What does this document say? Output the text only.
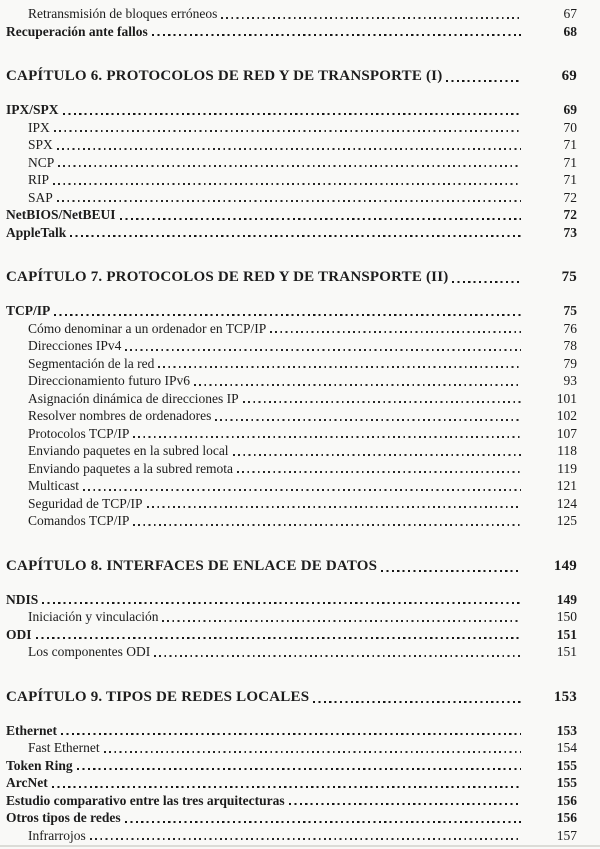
Retransmisión de bloques erróneos	67
Recuperación ante fallos	68
CAPÍTULO 6. PROTOCOLOS DE RED Y DE TRANSPORTE (I)	69
IPX/SPX	69
IPX	70
SPX	71
NCP	71
RIP	71
SAP	72
NetBIOS/NetBEUI	72
AppleTalk	73
CAPÍTULO 7. PROTOCOLOS DE RED Y DE TRANSPORTE (II)	75
TCP/IP	75
Cómo denominar a un ordenador en TCP/IP	76
Direcciones IPv4	78
Segmentación de la red	79
Direccionamiento futuro IPv6	93
Asignación dinámica de direcciones IP	101
Resolver nombres de ordenadores	102
Protocolos TCP/IP	107
Enviando paquetes en la subred local	118
Enviando paquetes a la subred remota	119
Multicast	121
Seguridad de TCP/IP	124
Comandos TCP/IP	125
CAPÍTULO 8. INTERFACES DE ENLACE DE DATOS	149
NDIS	149
Iniciación y vinculación	150
ODI	151
Los componentes ODI	151
CAPÍTULO 9. TIPOS DE REDES LOCALES	153
Ethernet	153
Fast Ethernet	154
Token Ring	155
ArcNet	155
Estudio comparativo entre las tres arquitecturas	156
Otros tipos de redes	156
Infrarrojos	157
